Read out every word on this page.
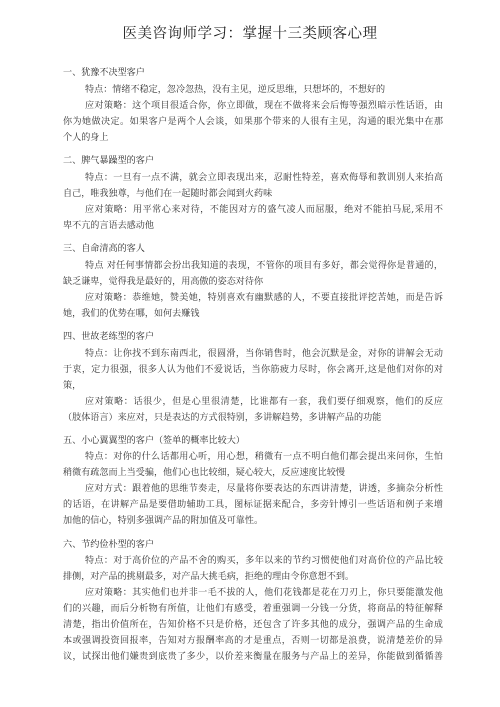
医美咨询师学习：掌握十三类顾客心理
一、犹豫不决型客户
特点：情绪不稳定，忽冷忽热，没有主见，逆反思维，只想坏的，不想好的
应对策略：这个项目很适合你，你立即做，现在不做将来会后悔等强烈暗示性话语，由
你为她做决定。如果客户是两个人会谈，如果那个带来的人很有主见，沟通的眼光集中在那
个人的身上
二、脾气暴躁型的客户
特点：一旦有一点不满，就会立即表现出来，忍耐性特差，喜欢侮辱和教训别人来抬高
自己，唯我独尊，与他们在一起随时都会闻到火药味
应对策略：用平常心来对待，不能因对方的盛气凌人而屈服，绝对不能拍马屁,采用不
卑不亢的言语去感动他
三、自命清高的客人
特点 对任何事情都会扮出我知道的表现，不管你的项目有多好，都会觉得你是普通的，
缺乏谦卑，觉得我是最好的，用高傲的姿态对待你
应对策略：恭维她，赞美她，特别喜欢有幽默感的人，不要直接批评挖苦她，而是告诉
她，我们的优势在哪，如何去赚钱
四、世故老练型的客户
特点：让你找不到东南西北，很圆滑，当你销售时，他会沉默是金，对你的讲解会无动
于衷，定力很强，很多人认为他们不爱说话，当你筋疲力尽时，你会离开,这是他们对你的对
策，
应对策略：话很少，但是心里很清楚，比谁都有一套，我们要仔细观察，他们的反应
（肢体语言）来应对，只是表达的方式很特别，多讲解趋势，多讲解产品的功能
五、小心翼翼型的客户（签单的概率比较大）
特点：对你的什么话都用心听，用心想，稍微有一点不明白他们都会提出来问你，生怕
稍微有疏忽而上当受骗，他们心也比较细，疑心较大，反应速度比较慢
应对方式：跟着他的思维节奏走，尽量将你要表达的东西讲清楚，讲透，多摘杂分析性
的话语，在讲解产品是要借助辅助工具，图标证据来配合，多旁针博引一些话语和例子来增
加他的信心，特别多强调产品的附加值及可靠性。
六、节约俭朴型的客户
特点：对于高价位的产品不舍的购买，多年以来的节约习惯使他们对高价位的产品比较
排侧，对产品的挑剔最多，对产品大挑毛病，拒绝的理由令你意想不到。
应对策略：其实他们也并非一毛不拔的人，他们花钱都是花在刀刃上，你只要能激发他
们的兴趣，而后分析物有所值，让他们有感受，着重强调一分钱一分货，将商品的特征解释
清楚，指出价值所在，告知价格不只是价格，还包含了许多其他的成分，强调产品的生命成
本或强调投资回报率，告知对方报酬率高的才是重点，否则一切都是浪费，说清楚差价的异
议，试探出他们嫌贵到底贵了多少，以价差来衡量在服务与产品上的差异，你能做到循循善
